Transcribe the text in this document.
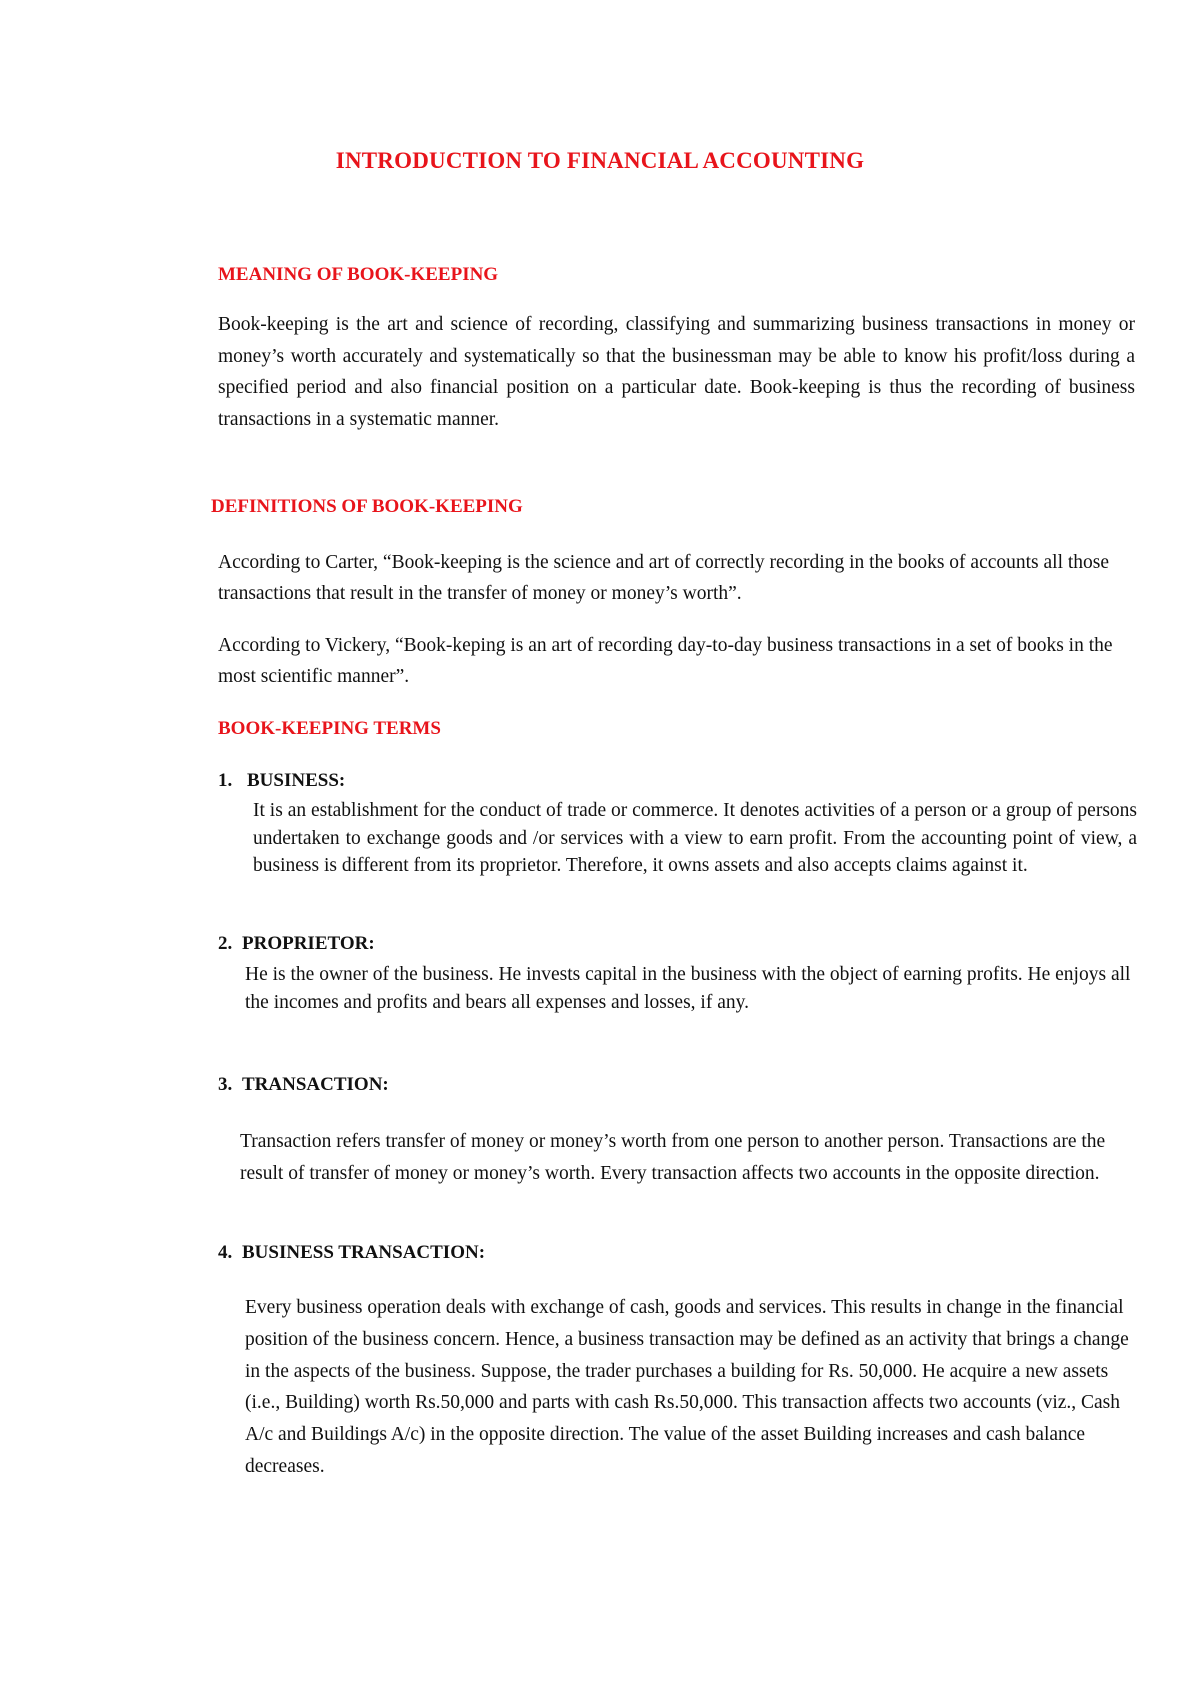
INTRODUCTION TO FINANCIAL ACCOUNTING
MEANING OF BOOK-KEEPING

Book-keeping is the art and science of recording, classifying and summarizing business transactions in money or money’s worth accurately and systematically so that the businessman may be able to know his profit/loss during a specified period and also financial position on a particular date. Book-keeping is thus the recording of business transactions in a systematic manner.

DEFINITIONS OF BOOK-KEEPING

According to Carter, “Book-keeping is the science and art of correctly recording in the books of accounts all those transactions that result in the transfer of money or money’s worth”.

According to Vickery, “Book-keping is an art of recording day-to-day business transactions in a set of books in the most scientific manner”.

BOOK-KEEPING TERMS
1. BUSINESS:

It is an establishment for the conduct of trade or commerce. It denotes activities of a person or a group of persons undertaken to exchange goods and /or services with a view to earn profit. From the accounting point of view, a business is different from its proprietor. Therefore, it owns assets and also accepts claims against it.

2. PROPRIETOR:

He is the owner of the business. He invests capital in the business with the object of earning profits. He enjoys all the incomes and profits and bears all expenses and losses, if any.

3. TRANSACTION:

Transaction refers transfer of money or money’s worth from one person to another person. Transactions are the result of transfer of money or money’s worth. Every transaction affects two accounts in the opposite direction.

4. BUSINESS TRANSACTION:

Every business operation deals with exchange of cash, goods and services. This results in change in the financial position of the business concern. Hence, a business transaction may be defined as an activity that brings a change in the aspects of the business. Suppose, the trader purchases a building for Rs. 50,000. He acquire a new assets (i.e., Building) worth Rs.50,000 and parts with cash Rs.50,000. This transaction affects two accounts (viz., Cash A/c and Buildings A/c) in the opposite direction. The value of the asset Building increases and cash balance decreases.
